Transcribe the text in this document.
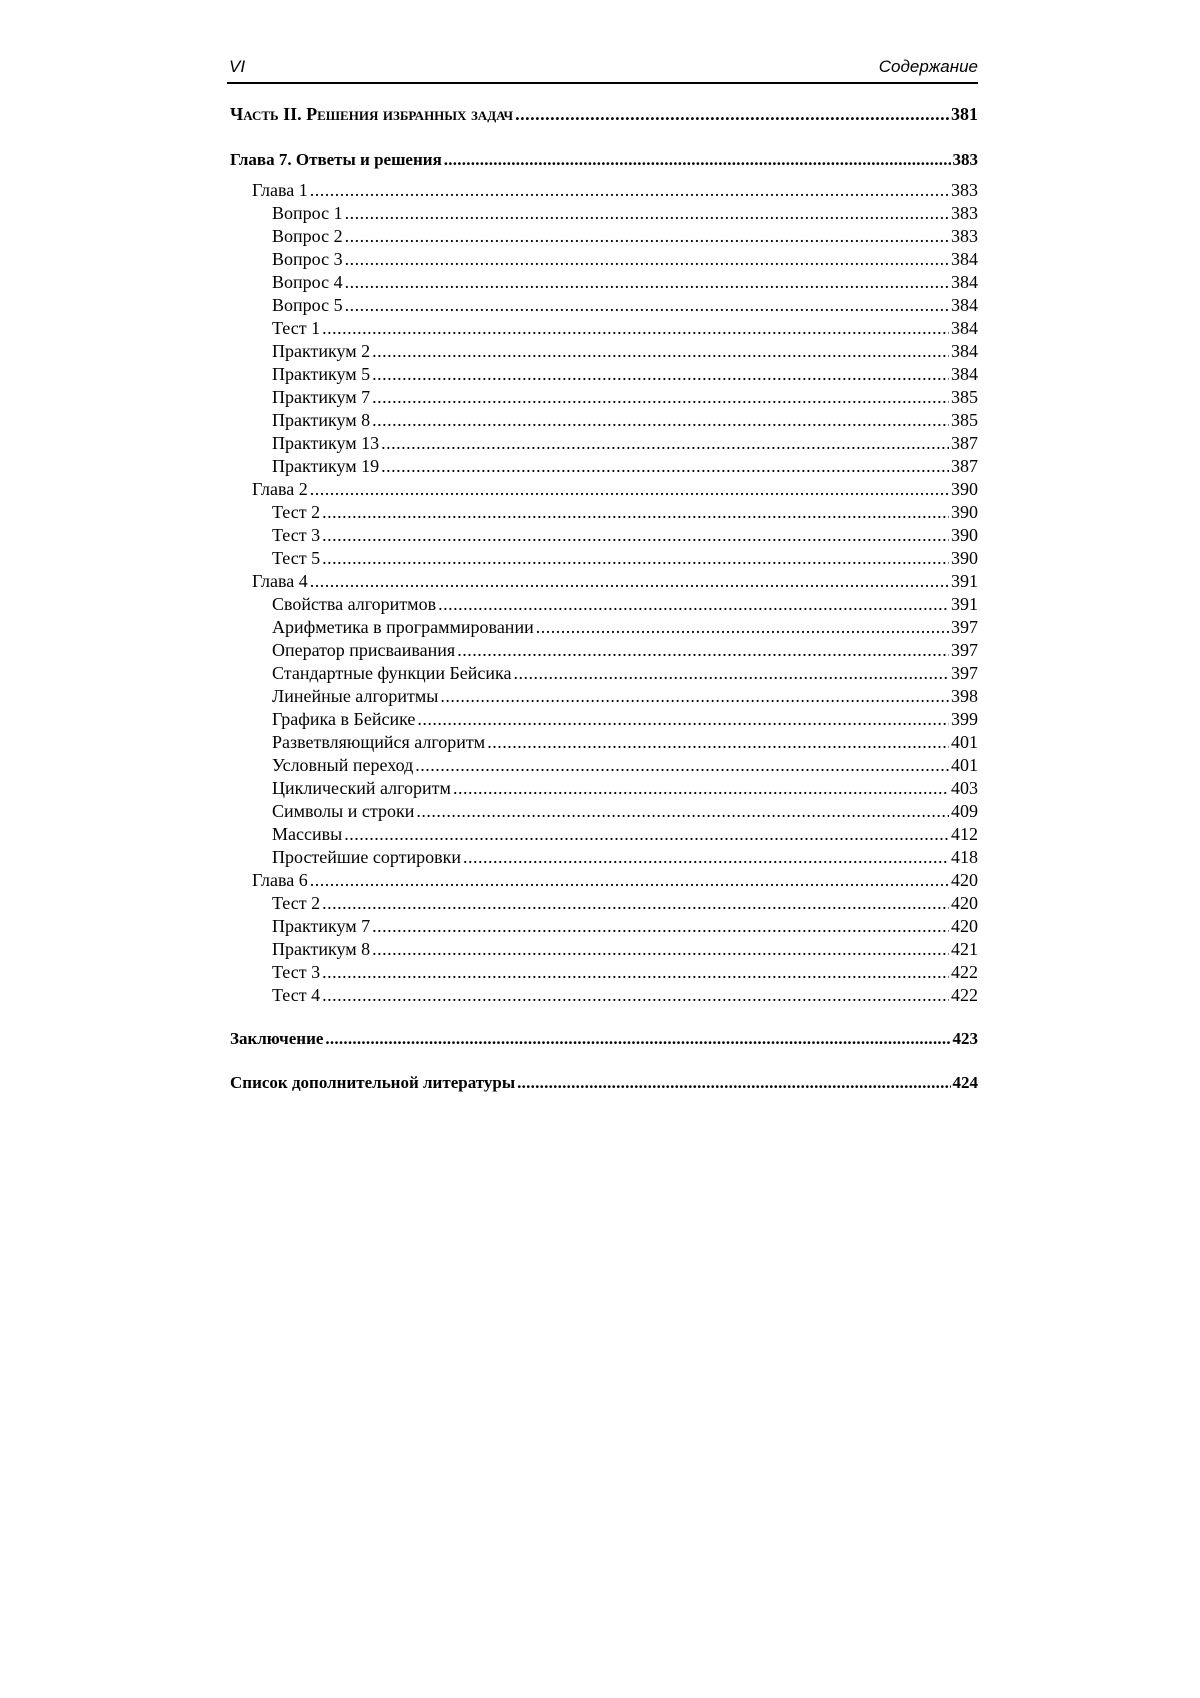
VI	Содержание
Часть II. Решения избранных задач . . .	381
Глава 7. Ответы и решения . . .	383
Глава 1 . . .	383
Вопрос 1 . . .	383
Вопрос 2 . . .	383
Вопрос 3 . . .	384
Вопрос 4 . . .	384
Вопрос 5 . . .	384
Тест 1 . . .	384
Практикум 2 . . .	384
Практикум 5 . . .	384
Практикум 7 . . .	385
Практикум 8 . . .	385
Практикум 13 . . .	387
Практикум 19 . . .	387
Глава 2 . . .	390
Тест 2 . . .	390
Тест 3 . . .	390
Тест 5 . . .	390
Глава 4 . . .	391
Свойства алгоритмов . . .	391
Арифметика в программировании . . .	397
Оператор присваивания . . .	397
Стандартные функции Бейсика . . .	397
Линейные алгоритмы . . .	398
Графика в Бейсике . . .	399
Разветвляющийся алгоритм . . .	401
Условный переход . . .	401
Циклический алгоритм . . .	403
Символы и строки . . .	409
Массивы . . .	412
Простейшие сортировки . . .	418
Глава 6 . . .	420
Тест 2 . . .	420
Практикум 7 . . .	420
Практикум 8 . . .	421
Тест 3 . . .	422
Тест 4 . . .	422
Заключение . . .	423
Список дополнительной литературы . . .	424
